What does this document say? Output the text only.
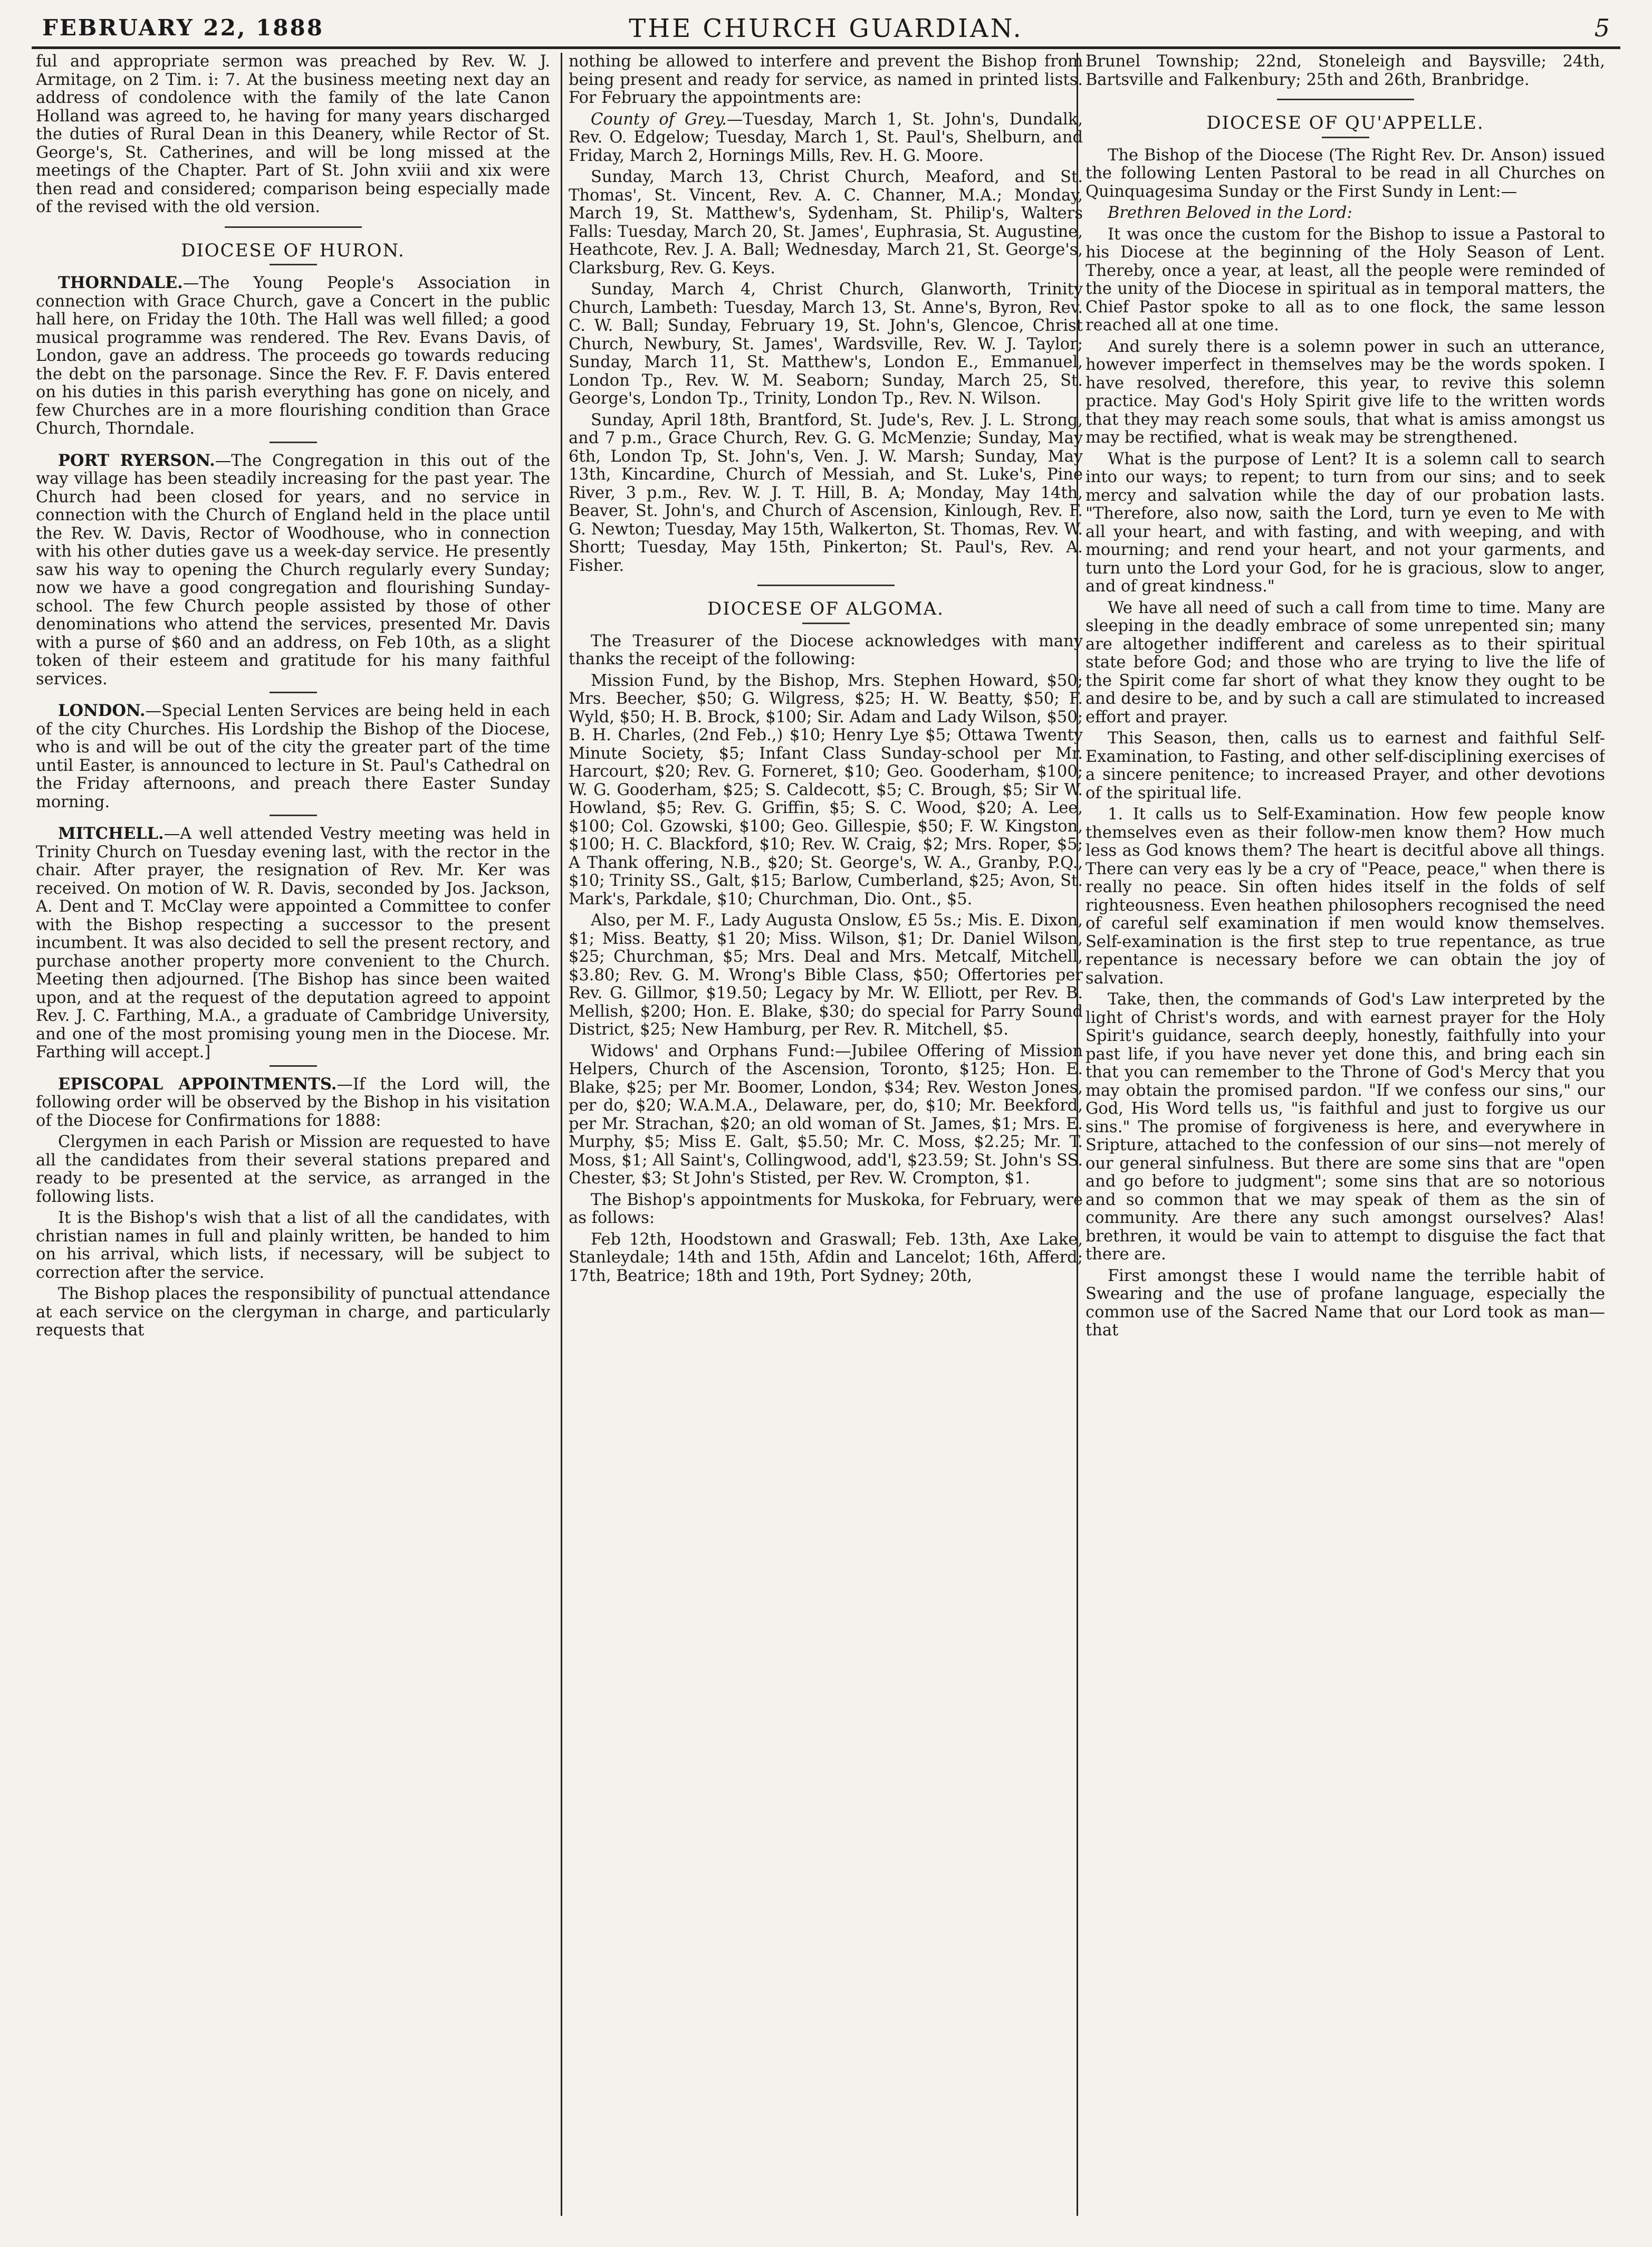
FEBRUARY 22, 1888	THE CHURCH GUARDIAN.	5

ful and appropriate sermon was preached by Rev. W. J. Armitage, on 2 Tim. i: 7. At the business meeting next day an address of condolence with the family of the late Canon Holland was agreed to, he having for many years discharged the duties of Rural Dean in this Deanery, while Rector of St. George's, St. Catherines, and will be long missed at the meetings of the Chapter. Part of St. John xviii and xix were then read and considered; comparison being especially made of the revised with the old version.

DIOCESE OF HURON.

THORNDALE.—The Young People's Association in connection with Grace Church, gave a Concert in the public hall here, on Friday the 10th. The Hall was well filled; a good musical programme was rendered. The Rev. Evans Davis, of London, gave an address. The proceeds go towards reducing the debt on the parsonage. Since the Rev. F. F. Davis entered on his duties in this parish everything has gone on nicely, and few Churches are in a more flourishing condition than Grace Church, Thorndale.

PORT RYERSON.—The Congregation in this out of the way village has been steadily increasing for the past year. The Church had been closed for years, and no service in connection with the Church of England held in the place until the Rev. W. Davis, Rector of Woodhouse, who in connection with his other duties gave us a week-day service. He presently saw his way to opening the Church regularly every Sunday; now we have a good congregation and flourishing Sunday-school. The few Church people assisted by those of other denominations who attend the services, presented Mr. Davis with a purse of $60 and an address, on Feb 10th, as a slight token of their esteem and gratitude for his many faithful services.

LONDON.—Special Lenten Services are being held in each of the city Churches. His Lordship the Bishop of the Diocese, who is and will be out of the city the greater part of the time until Easter, is announced to lecture in St. Paul's Cathedral on the Friday afternoons, and preach there Easter Sunday morning.

MITCHELL.—A well attended Vestry meeting was held in Trinity Church on Tuesday evening last, with the rector in the chair. After prayer, the resignation of Rev. Mr. Ker was received. On motion of W. R. Davis, seconded by Jos. Jackson, A. Dent and T. McClay were appointed a Committee to confer with the Bishop respecting a successor to the present incumbent. It was also decided to sell the present rectory, and purchase another property more convenient to the Church. Meeting then adjourned. [The Bishop has since been waited upon, and at the request of the deputation agreed to appoint Rev. J. C. Farthing, M.A., a graduate of Cambridge University, and one of the most promising young men in the Diocese. Mr. Farthing will accept.]

EPISCOPAL APPOINTMENTS.—If the Lord will, the following order will be observed by the Bishop in his visitation of the Diocese for Confirmations for 1888:

Clergymen in each Parish or Mission are requested to have all the candidates from their several stations prepared and ready to be presented at the service, as arranged in the following lists.

It is the Bishop's wish that a list of all the candidates, with christian names in full and plainly written, be handed to him on his arrival, which lists, if necessary, will be subject to correction after the service.

The Bishop places the responsibility of punctual attendance at each service on the clergyman in charge, and particularly requests that

nothing be allowed to interfere and prevent the Bishop from being present and ready for service, as named in printed lists. For February the appointments are:

County of Grey.—Tuesday, March 1, St. John's, Dundalk, Rev. O. Edgelow; Tuesday, March 1, St. Paul's, Shelburn, and Friday, March 2, Hornings Mills, Rev. H. G. Moore.

Sunday, March 13, Christ Church, Meaford, and St. Thomas', St. Vincent, Rev. A. C. Channer, M.A.; Monday, March 19, St. Matthew's, Sydenham, St. Philip's, Walters Falls: Tuesday, March 20, St. James', Euphrasia, St. Augustine, Heathcote, Rev. J. A. Ball; Wednesday, March 21, St. George's, Clarksburg, Rev. G. Keys.

Sunday, March 4, Christ Church, Glanworth, Trinity Church, Lambeth: Tuesday, March 13, St. Anne's, Byron, Rev. C. W. Ball; Sunday, February 19, St. John's, Glencoe, Christ Church, Newbury, St. James', Wardsville, Rev. W. J. Taylor; Sunday, March 11, St. Matthew's, London E., Emmanuel, London Tp., Rev. W. M. Seaborn; Sunday, March 25, St. George's, London Tp., Trinity, London Tp., Rev. N. Wilson.

Sunday, April 18th, Brantford, St. Jude's, Rev. J. L. Strong, and 7 p.m., Grace Church, Rev. G. G. McMenzie; Sunday, May 6th, London Tp, St. John's, Ven. J. W. Marsh; Sunday, May 13th, Kincardine, Church of Messiah, and St. Luke's, Pine River, 3 p.m., Rev. W. J. T. Hill, B. A; Monday, May 14th, Beaver, St. John's, and Church of Ascension, Kinlough, Rev. F. G. Newton; Tuesday, May 15th, Walkerton, St. Thomas, Rev. W. Shortt; Tuesday, May 15th, Pinkerton; St. Paul's, Rev. A. Fisher.

DIOCESE OF ALGOMA.

The Treasurer of the Diocese acknowledges with many thanks the receipt of the following:

Mission Fund, by the Bishop, Mrs. Stephen Howard, $50; Mrs. Beecher, $50; G. Wilgress, $25; H. W. Beatty, $50; F. Wyld, $50; H. B. Brock, $100; Sir. Adam and Lady Wilson, $50; B. H. Charles, (2nd Feb.,) $10; Henry Lye $5; Ottawa Twenty Minute Society, $5; Infant Class Sunday-school per Mr. Harcourt, $20; Rev. G. Forneret, $10; Geo. Gooderham, $100; W. G. Gooderham, $25; S. Caldecott, $5; C. Brough, $5; Sir W. Howland, $5; Rev. G. Griffin, $5; S. C. Wood, $20; A. Lee, $100; Col. Gzowski, $100; Geo. Gillespie, $50; F. W. Kingston, $100; H. C. Blackford, $10; Rev. W. Craig, $2; Mrs. Roper, $5; A Thank offering, N.B., $20; St. George's, W. A., Granby, P.Q., $10; Trinity SS., Galt, $15; Barlow, Cumberland, $25; Avon, St. Mark's, Parkdale, $10; Churchman, Dio. Ont., $5.

Also, per M. F., Lady Augusta Onslow, £5 5s.; Mis. E. Dixon, $1; Miss. Beatty, $1 20; Miss. Wilson, $1; Dr. Daniel Wilson, $25; Churchman, $5; Mrs. Deal and Mrs. Metcalf, Mitchell, $3.80; Rev. G. M. Wrong's Bible Class, $50; Offertories per Rev. G. Gillmor, $19.50; Legacy by Mr. W. Elliott, per Rev. B. Mellish, $200; Hon. E. Blake, $30; do special for Parry Sound District, $25; New Hamburg, per Rev. R. Mitchell, $5.

Widows' and Orphans Fund:—Jubilee Offering of Mission Helpers, Church of the Ascension, Toronto, $125; Hon. E. Blake, $25; per Mr. Boomer, London, $34; Rev. Weston Jones, per do, $20; W.A.M.A., Delaware, per, do, $10; Mr. Beekford, per Mr. Strachan, $20; an old woman of St. James, $1; Mrs. E. Murphy, $5; Miss E. Galt, $5.50; Mr. C. Moss, $2.25; Mr. T. Moss, $1; All Saint's, Collingwood, add'l, $23.59; St. John's SS. Chester, $3; St John's Stisted, per Rev. W. Crompton, $1.

The Bishop's appointments for Muskoka, for February, were as follows:

Feb 12th, Hoodstown and Graswall; Feb. 13th, Axe Lake, Stanleydale; 14th and 15th, Afdin and Lancelot; 16th, Afferd; 17th, Beatrice; 18th and 19th, Port Sydney; 20th,

Brunel Township; 22nd, Stoneleigh and Baysville; 24th, Bartsville and Falkenbury; 25th and 26th, Branbridge.

DIOCESE OF QU'APPELLE.

The Bishop of the Diocese (The Right Rev. Dr. Anson) issued the following Lenten Pastoral to be read in all Churches on Quinquagesima Sunday or the First Sundy in Lent:—

Brethren Beloved in the Lord:

It was once the custom for the Bishop to issue a Pastoral to his Diocese at the beginning of the Holy Season of Lent. Thereby, once a year, at least, all the people were reminded of the unity of the Diocese in spiritual as in temporal matters, the Chief Pastor spoke to all as to one flock, the same lesson reached all at one time.

And surely there is a solemn power in such an utterance, however imperfect in themselves may be the words spoken. I have resolved, therefore, this year, to revive this solemn practice. May God's Holy Spirit give life to the written words that they may reach some souls, that what is amiss amongst us may be rectified, what is weak may be strengthened.

What is the purpose of Lent? It is a solemn call to search into our ways; to repent; to turn from our sins; and to seek mercy and salvation while the day of our probation lasts. "Therefore, also now, saith the Lord, turn ye even to Me with all your heart, and with fasting, and with weeping, and with mourning; and rend your heart, and not your garments, and turn unto the Lord your God, for he is gracious, slow to anger, and of great kindness."

We have all need of such a call from time to time. Many are sleeping in the deadly embrace of some unrepented sin; many are altogether indifferent and careless as to their spiritual state before God; and those who are trying to live the life of the Spirit come far short of what they know they ought to be and desire to be, and by such a call are stimulated to increased effort and prayer.

This Season, then, calls us to earnest and faithful Self-Examination, to Fasting, and other self-disciplining exercises of a sincere penitence; to increased Prayer, and other devotions of the spiritual life.

1. It calls us to Self-Examination. How few people know themselves even as their follow-men know them? How much less as God knows them? The heart is decitful above all things. There can very eas ly be a cry of "Peace, peace," when there is really no peace. Sin often hides itself in the folds of self righteousness. Even heathen philosophers recognised the need of careful self examination if men would know themselves. Self-examination is the first step to true repentance, as true repentance is necessary before we can obtain the joy of salvation.

Take, then, the commands of God's Law interpreted by the light of Christ's words, and with earnest prayer for the Holy Spirit's guidance, search deeply, honestly, faithfully into your past life, if you have never yet done this, and bring each sin that you can remember to the Throne of God's Mercy that you may obtain the promised pardon. "If we confess our sins," our God, His Word tells us, "is faithful and just to forgive us our sins." The promise of forgiveness is here, and everywhere in Sripture, attached to the confession of our sins—not merely of our general sinfulness. But there are some sins that are "open and go before to judgment"; some sins that are so notorious and so common that we may speak of them as the sin of community. Are there any such amongst ourselves? Alas! brethren, it would be vain to attempt to disguise the fact that there are.

First amongst these I would name the terrible habit of Swearing and the use of profane language, especially the common use of the Sacred Name that our Lord took as man—that
